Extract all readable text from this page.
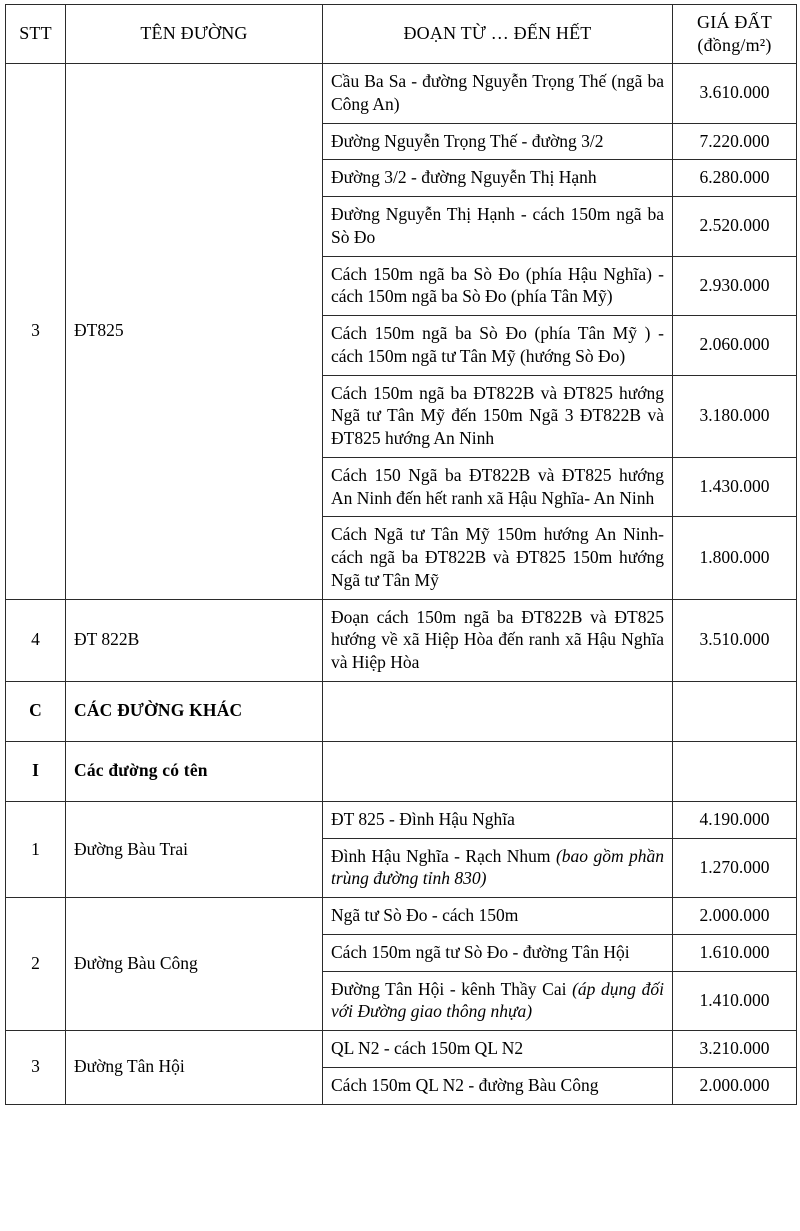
STT	TÊN ĐƯỜNG	ĐOẠN TỪ … ĐẾN HẾT	GIÁ ĐẤT
(đồng/m²)

3	ĐT825	Cầu Ba Sa - đường Nguyễn Trọng Thế (ngã ba Công An)	3.610.000
		Đường Nguyễn Trọng Thế - đường 3/2	7.220.000
		Đường 3/2 - đường Nguyễn Thị Hạnh	6.280.000
		Đường Nguyễn Thị Hạnh - cách 150m ngã ba Sò Đo	2.520.000
		Cách 150m ngã ba Sò Đo (phía Hậu Nghĩa) - cách 150m ngã ba Sò Đo (phía Tân Mỹ)	2.930.000
		Cách 150m ngã ba Sò Đo (phía Tân Mỹ ) - cách 150m ngã tư Tân Mỹ (hướng Sò Đo)	2.060.000
		Cách 150m ngã ba ĐT822B và ĐT825 hướng Ngã tư Tân Mỹ đến 150m Ngã 3 ĐT822B và ĐT825 hướng An Ninh	3.180.000
		Cách 150 Ngã ba ĐT822B và ĐT825 hướng An Ninh đến hết ranh xã Hậu Nghĩa- An Ninh	1.430.000
		Cách Ngã tư Tân Mỹ 150m hướng An Ninh- cách ngã ba ĐT822B và ĐT825 150m hướng Ngã tư Tân Mỹ	1.800.000
4	ĐT 822B	Đoạn cách 150m ngã ba ĐT822B và ĐT825 hướng về xã Hiệp Hòa đến ranh xã Hậu Nghĩa và Hiệp Hòa	3.510.000
C	CÁC ĐƯỜNG KHÁC		
I	Các đường có tên		
1	Đường Bàu Trai	ĐT 825 - Đình Hậu Nghĩa	4.190.000
		Đình Hậu Nghĩa - Rạch Nhum (bao gồm phần trùng đường tỉnh 830)	1.270.000
2	Đường Bàu Công	Ngã tư Sò Đo - cách 150m	2.000.000
		Cách 150m ngã tư Sò Đo - đường Tân Hội	1.610.000
		Đường Tân Hội - kênh Thầy Cai (áp dụng đối với Đường giao thông nhựa)	1.410.000
3	Đường Tân Hội	QL N2 - cách 150m QL N2	3.210.000
		Cách 150m QL N2 - đường Bàu Công	2.000.000
